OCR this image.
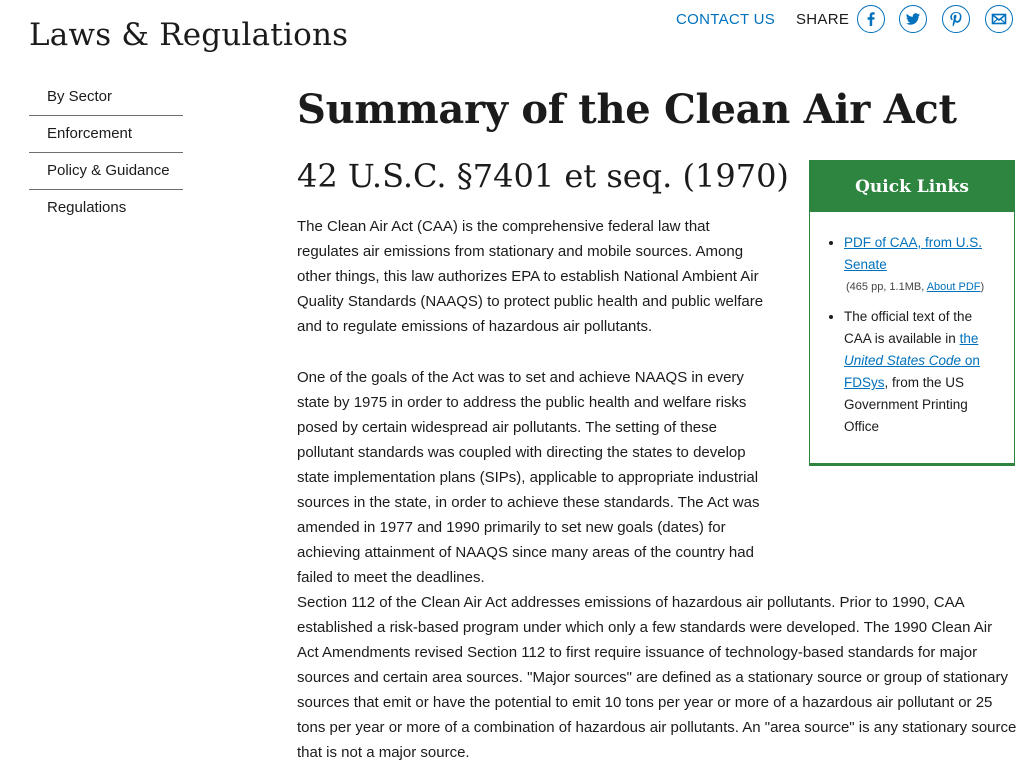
Laws & Regulations	CONTACT US SHARE
By Sector
Enforcement
Policy & Guidance
Regulations
Summary of the Clean Air Act
42 U.S.C. §7401 et seq. (1970)	Quick Links
• PDF of CAA, from U.S. Senate
(465 pp, 1.1MB, About PDF)
• The official text of the CAA is available in the United States Code on FDSys, from the US Government Printing Office

The Clean Air Act (CAA) is the comprehensive federal law that regulates air emissions from stationary and mobile sources. Among other things, this law authorizes EPA to establish National Ambient Air Quality Standards (NAAQS) to protect public health and public welfare and to regulate emissions of hazardous air pollutants.

One of the goals of the Act was to set and achieve NAAQS in every state by 1975 in order to address the public health and welfare risks posed by certain widespread air pollutants. The setting of these pollutant standards was coupled with directing the states to develop state implementation plans (SIPs), applicable to appropriate industrial sources in the state, in order to achieve these standards. The Act was amended in 1977 and 1990 primarily to set new goals (dates) for achieving attainment of NAAQS since many areas of the country had failed to meet the deadlines.

Section 112 of the Clean Air Act addresses emissions of hazardous air pollutants. Prior to 1990, CAA established a risk-based program under which only a few standards were developed. The 1990 Clean Air Act Amendments revised Section 112 to first require issuance of technology-based standards for major sources and certain area sources. "Major sources" are defined as a stationary source or group of stationary sources that emit or have the potential to emit 10 tons per year or more of a hazardous air pollutant or 25 tons per year or more of a combination of hazardous air pollutants. An "area source" is any stationary source that is not a major source.
